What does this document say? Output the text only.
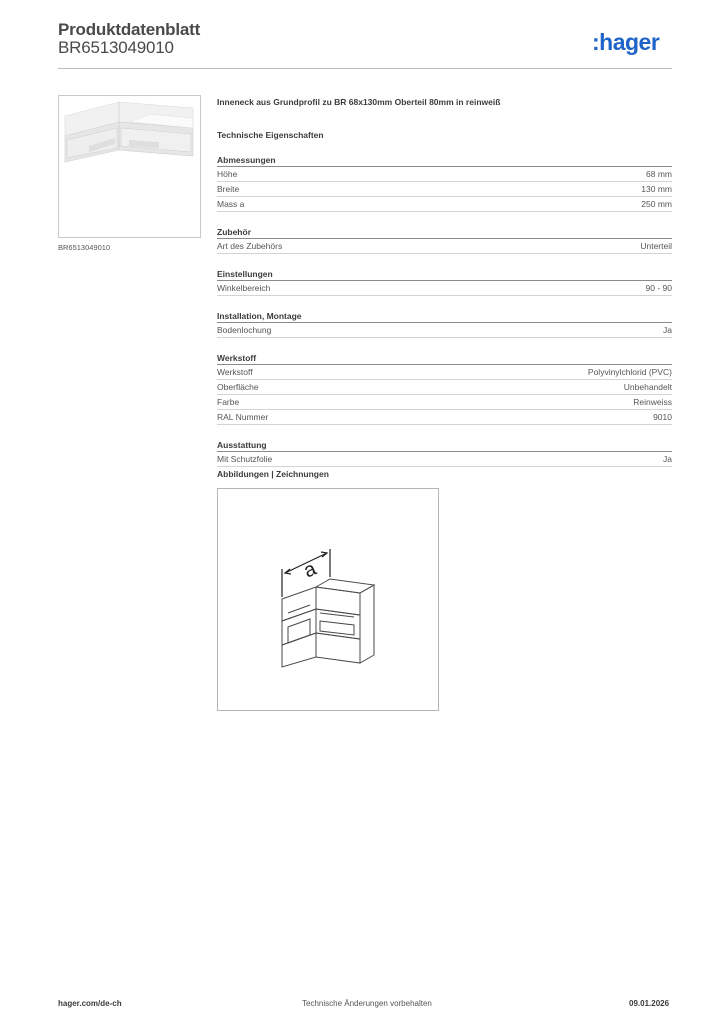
Produktdatenblatt
BR6513049010	:hager
BR6513049010
Inneneck aus Grundprofil zu BR 68x130mm Oberteil 80mm in reinweiß
Technische Eigenschaften
Abmessungen
Höhe	68 mm
Breite	130 mm
Mass a	250 mm
Zubehör
Art des Zubehörs	Unterteil
Einstellungen
Winkelbereich	90 - 90
Installation, Montage
Bodenlochung	Ja
Werkstoff
Werkstoff	Polyvinylchlorid (PVC)
Oberfläche	Unbehandelt
Farbe	Reinweiss
RAL Nummer	9010
Ausstattung
Mit Schutzfolie	Ja
Abbildungen | Zeichnungen
a
hager.com/de-ch	Technische Änderungen vorbehalten	09.01.2026
